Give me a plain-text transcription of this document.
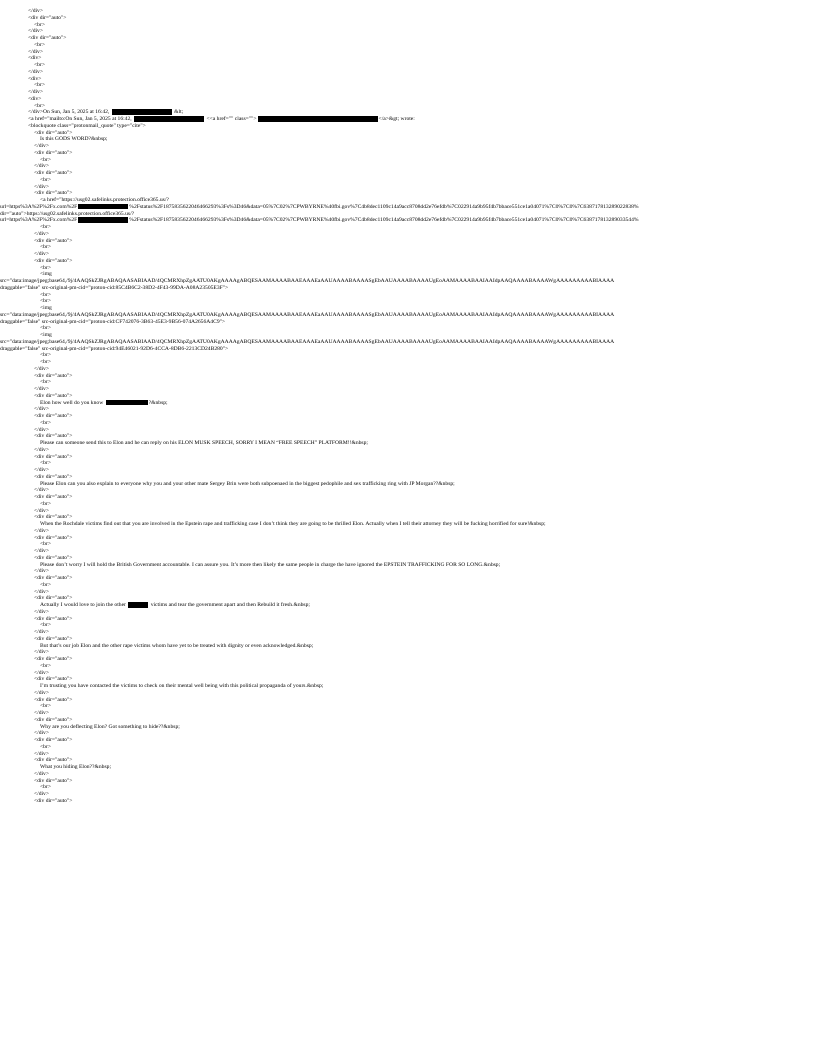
</div>
<div dir="auto">
<br>
</div>
<div dir="auto">
<br>
</div>
<div>
<br>
</div>
<div>
<br>
</div>
<div>
<br>
</div>On Sun, Jan 5, 2025 at 16:42,	&lt;
<a href="mailto:On Sun, Jan 5, 2025 at 16:42,	<<a href="" class="">	</a>&gt; wrote:
<blockquote class="protonmail_quote" type="cite">
<div dir="auto">
Is this GODS WORD?&nbsp;
</div>
<div dir="auto">
<br>
</div>
<div dir="auto">
<br>
</div>
<div dir="auto">
<a href="https://usg02.safelinks.protection.office365.us/?
url=https%3A%2F%2Fx.com%2F	%2Fstatus%2F1875835622046466293%3Fs%3D46&data=05%7C02%7CPWBYRNE%40fbi.gov%7C4b8dec1109c14a9acc8708dd2e76efdb%7C022914a9b95f4b7bbace551ce1a04071%7C0%7C0%7C638717813289022838%
dir="auto">https://usg02.safelinks.protection.office365.us/?
url=https%3A%2F%2Fx.com%2F	%2Fstatus%2F1875835622046466293%3Fs%3D46&data=05%7C02%7CPWBYRNE%40fbi.gov%7C4b8dec1109c14a9acc8708dd2e76efdb%7C022914a9b95f4b7bbace551ce1a04071%7C0%7C0%7C638717813289033544%
<br>
</div>
<div dir="auto">
<br>
</div>
<div dir="auto">
<br>
<img
src="data:image/jpeg;base64,/9j/4AAQSkZJRgABAQAASABIAAD/4QCMRXhpZgAATU0AKgAAAAgABQESAAMAAAABAAEAAAEaAAUAAAABAAAASgEbAAUAAAABAAAAUgEoAAMAAAABAAIAAIdpAAQAAAABAAAAWgAAAAAAAAABIAAAA
draggable="false" src-original-pm-cid="proton-cid:85C4B6C2-38D2-4F43-99DA-A08A23505E3F">
<br>
<br>
<img
src="data:image/jpeg;base64,/9j/4AAQSkZJRgABAQAASABIAAD/4QCMRXhpZgAATU0AKgAAAAgABQESAAMAAAABAAEAAAEaAAUAAAABAAAASgEbAAUAAAABAAAAUgEoAAMAAAABAAIAAIdpAAQAAAABAAAAWgAAAAAAAAABIAAAA
draggable="false" src-original-pm-cid="proton-cid:CF742076-3B63-45E3-9B56-074A2656A4C9">
<br>
<img
src="data:image/jpeg;base64,/9j/4AAQSkZJRgABAQAASABIAAD/4QCMRXhpZgAATU0AKgAAAAgABQESAAMAAAABAAEAAAEaAAUAAAABAAAASgEbAAUAAAABAAAAUgEoAAMAAAABAAIAAIdpAAQAAAABAAAAWgAAAAAAAAABIAAAA
draggable="false" src-original-pm-cid="proton-cid:94E46021-92D6-4CCA-8DB6-2213CD24B280">
<br>
<br>
</div>
<div dir="auto">
<br>
</div>
<div dir="auto">
Elon how well do you know	?&nbsp;
</div>
<div dir="auto">
<br>
</div>
<div dir="auto">
Please can someone send this to Elon and he can reply on his ELON MUSK SPEECH, SORRY I MEAN “FREE SPEECH” PLATFORM!!&nbsp;
</div>
<div dir="auto">
<br>
</div>
<div dir="auto">
Please Elon can you also explain to everyone why you and your other mate Sergey Brin were both subpoenaed in the biggest pedophile and sex trafficking ring with JP Morgan??&nbsp;
</div>
<div dir="auto">
<br>
</div>
<div dir="auto">
When the Rochdale victims find out that you are involved in the Epstein rape and trafficking case I don’t think they are going to be thrilled Elon. Actually when I tell their attorney they will be fucking horrified for sure!&nbsp;
</div>
<div dir="auto">
<br>
</div>
<div dir="auto">
Please don’t worry I will hold the British Government accountable. I can assure you. It’s more then likely the same people in charge the have ignored the EPSTEIN TRAFFICKING FOR SO LONG.&nbsp;
</div>
<div dir="auto">
<br>
</div>
<div dir="auto">
Actually I would love to join the other	victims and tear the government apart and then Rebuild it fresh.&nbsp;
</div>
<div dir="auto">
<br>
</div>
<div dir="auto">
But that’s our job Elon and the other rape victims whom have yet to be treated with dignity or even acknowledged.&nbsp;
</div>
<div dir="auto">
<br>
</div>
<div dir="auto">
I’m trusting you have contacted the victims to check on their mental well being with this political propaganda of yours.&nbsp;
</div>
<div dir="auto">
<br>
</div>
<div dir="auto">
Why are you deflecting Elon? Got something to hide??&nbsp;
</div>
<div dir="auto">
<br>
</div>
<div dir="auto">
What you hiding Elon??&nbsp;
</div>
<div dir="auto">
<br>
</div>
<div dir="auto">
